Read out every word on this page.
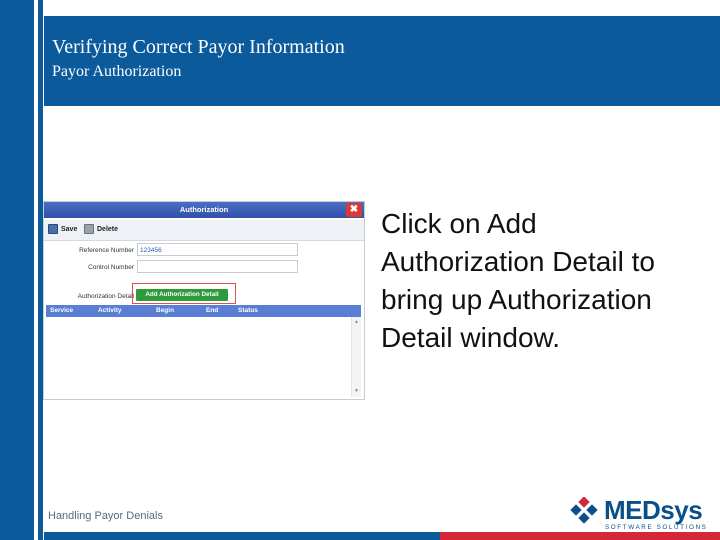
Verifying Correct Payor Information
Payor Authorization
Authorization	✖
Save	Delete
Reference Number 123456
Control Number
Authorization Detail	Add Authorization Detail
Service	Activity	Begin	End	Status
▲
▼
Click on Add Authorization Detail to bring up Authorization Detail window.
Handling Payor Denials	MEDsys
SOFTWARE SOLUTIONS
